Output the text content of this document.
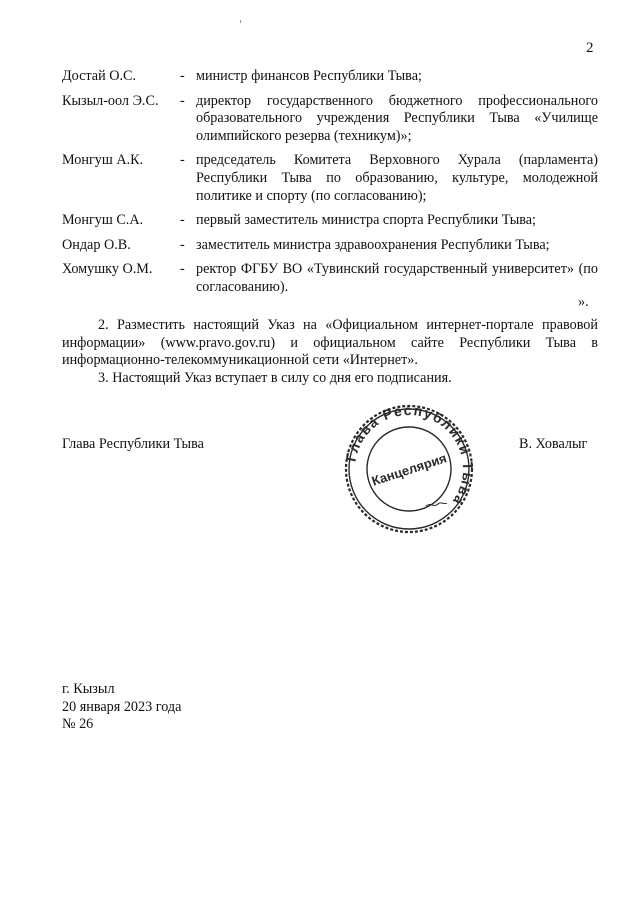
2
Достай О.С.	- министр финансов Республики Тыва;
Кызыл-оол Э.С.	- директор государственного бюджетного профессионального образовательного учреждения Республики Тыва «Училище олимпийского резерва (техникум)»;
Монгуш А.К.	- председатель Комитета Верховного Хурала (парламента) Республики Тыва по образованию, культуре, молодежной политике и спорту (по согласованию);
Монгуш С.А.	- первый заместитель министра спорта Республики Тыва;
Ондар О.В.	- заместитель министра здравоохранения Республики Тыва;
Хомушку О.М.	- ректор ФГБУ ВО «Тувинский государственный университет» (по согласованию).
».

2. Разместить настоящий Указ на «Официальном интернет-портале правовой информации» (www.pravo.gov.ru) и официальном сайте Республики Тыва в информационно-телекоммуникационной сети «Интернет».

3. Настоящий Указ вступает в силу со дня его подписания.

Глава Республики Тыва	В. Ховалыг
Глава Республики Тыва
Канцелярия
г. Кызыл
20 января 2023 года
№ 26
